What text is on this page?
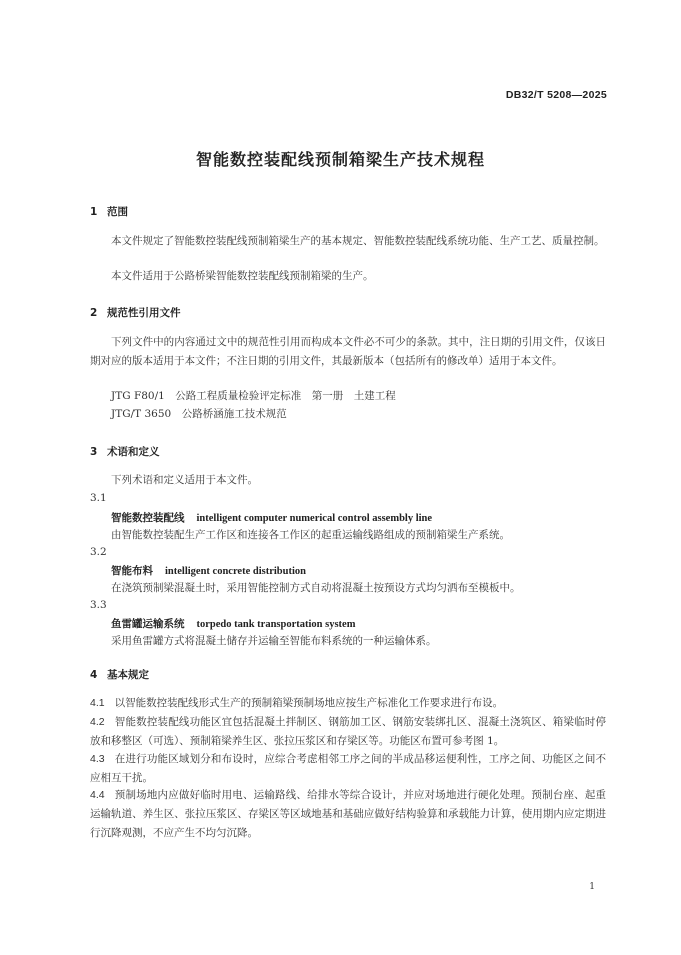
DB32/T 5208—2025
智能数控装配线预制箱梁生产技术规程
1 范围
本文件规定了智能数控装配线预制箱梁生产的基本规定、智能数控装配线系统功能、生产工艺、质量控制。
本文件适用于公路桥梁智能数控装配线预制箱梁的生产。
2 规范性引用文件
下列文件中的内容通过文中的规范性引用而构成本文件必不可少的条款。其中，注日期的引用文件，仅该日期对应的版本适用于本文件；不注日期的引用文件，其最新版本（包括所有的修改单）适用于本文件。
JTG F80/1　公路工程质量检验评定标准　第一册　土建工程
JTG/T 3650　公路桥涵施工技术规范
3 术语和定义
下列术语和定义适用于本文件。
3.1
智能数控装配线 intelligent computer numerical control assembly line
由智能数控装配生产工作区和连接各工作区的起重运输线路组成的预制箱梁生产系统。
3.2
智能布料 intelligent concrete distribution
在浇筑预制梁混凝土时，采用智能控制方式自动将混凝土按预设方式均匀洒布至模板中。
3.3
鱼雷罐运输系统 torpedo tank transportation system
采用鱼雷罐方式将混凝土储存并运输至智能布料系统的一种运输体系。
4 基本规定
4.1 以智能数控装配线形式生产的预制箱梁预制场地应按生产标准化工作要求进行布设。
4.2 智能数控装配线功能区宜包括混凝土拌制区、钢筋加工区、钢筋安装绑扎区、混凝土浇筑区、箱梁临时停放和移整区（可选）、预制箱梁养生区、张拉压浆区和存梁区等。功能区布置可参考图 1。
4.3 在进行功能区域划分和布设时，应综合考虑相邻工序之间的半成品移运便利性，工序之间、功能区之间不应相互干扰。
4.4 预制场地内应做好临时用电、运输路线、给排水等综合设计，并应对场地进行硬化处理。预制台座、起重运输轨道、养生区、张拉压浆区、存梁区等区域地基和基础应做好结构验算和承载能力计算，使用期内应定期进行沉降观测，不应产生不均匀沉降。
1
